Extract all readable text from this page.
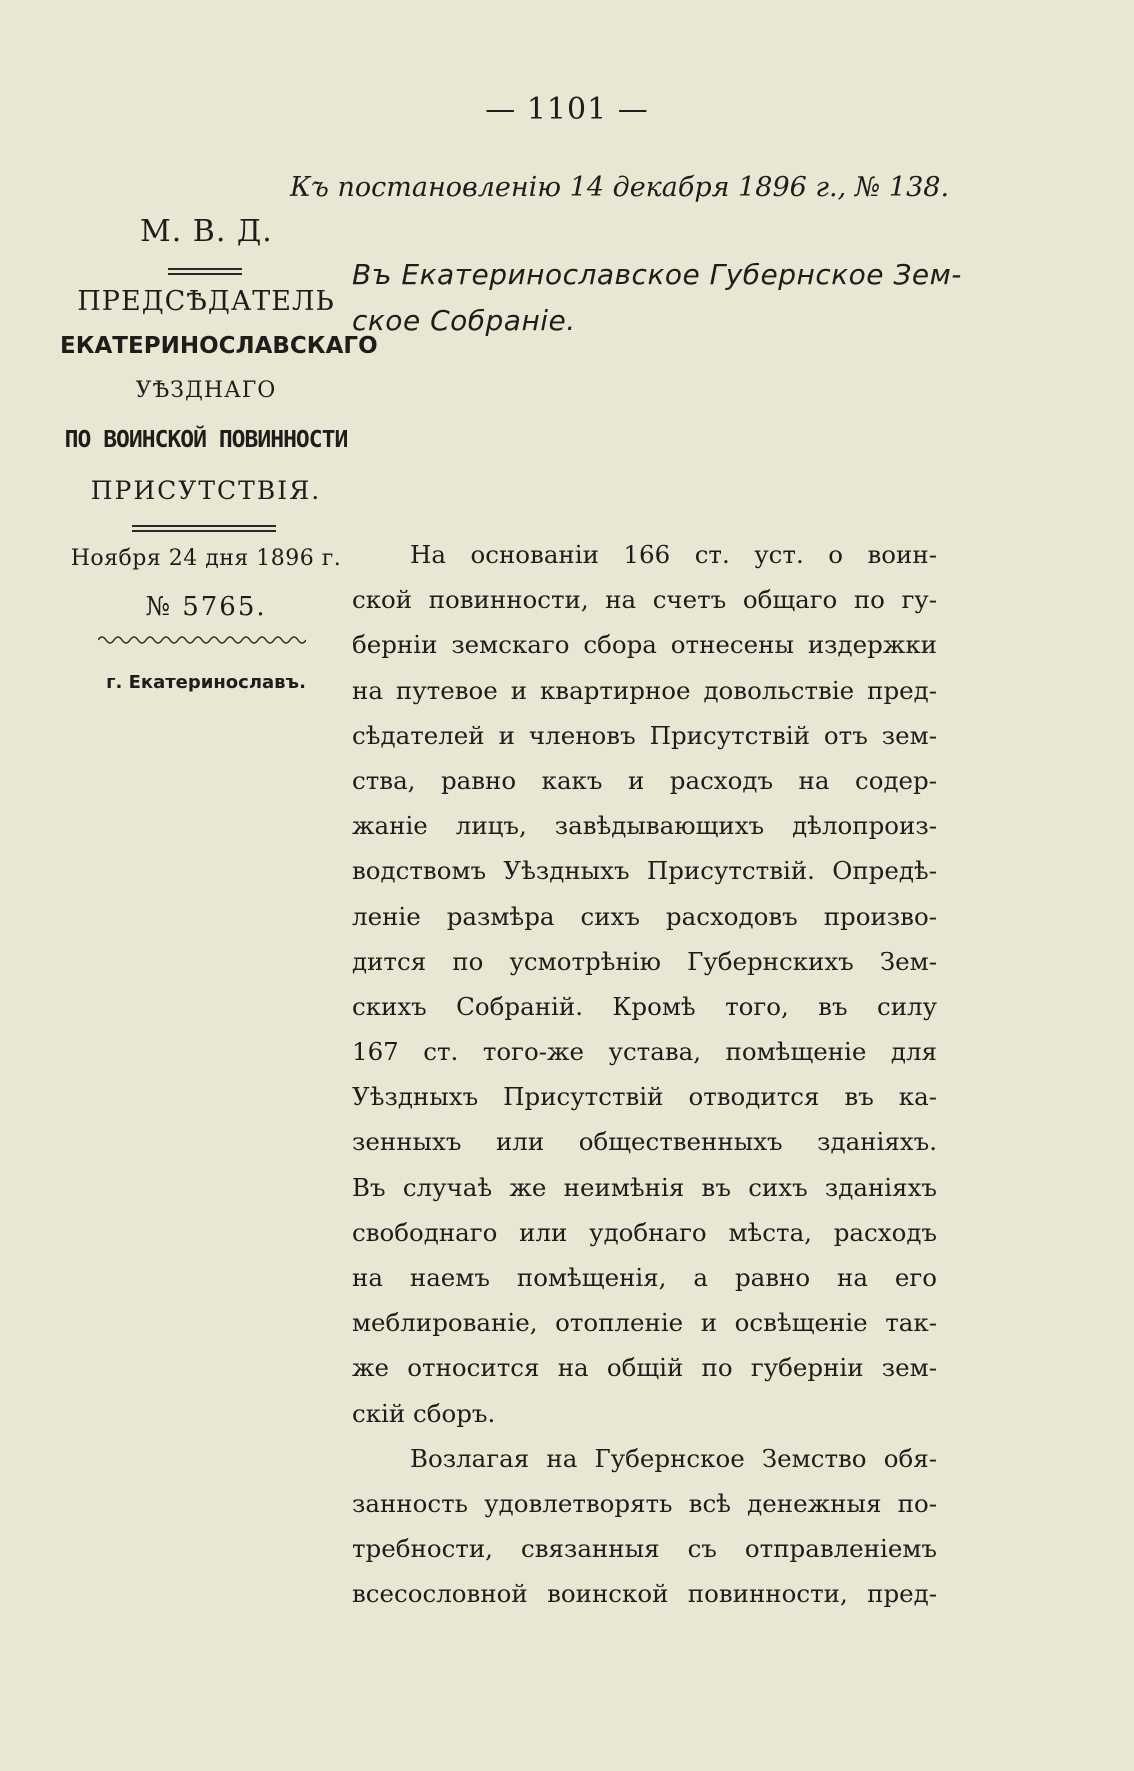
— 1101 —
Къ постановленію 14 декабря 1896 г., № 138.
М. В. Д.
Въ Екатеринославское Губернское Зем-
ское Собраніе.
ПРЕДСѢДАТЕЛЬ
ЕКАТЕРИНОСЛАВСКАГО
УѢЗДНАГО
ПО ВОИНСКОЙ ПОВИННОСТИ
ПРИСУТСТВІЯ.
Ноября 24 дня 1896 г.
№ 5765.
г. Екатеринославъ.

На основаніи 166 ст. уст. о воин-
ской повинности, на счетъ общаго по гу-
берніи земскаго сбора отнесены издержки
на путевое и квартирное довольствіе пред-
сѣдателей и членовъ Присутствій отъ зем-
ства, равно какъ и расходъ на содер-
жаніе лицъ, завѣдывающихъ дѣлопроиз-
водствомъ Уѣздныхъ Присутствій. Опредѣ-
леніе размѣра сихъ расходовъ произво-
дится по усмотрѣнію Губернскихъ Зем-
скихъ Собраній. Кромѣ того, въ силу
167 ст. того-же устава, помѣщеніе для
Уѣздныхъ Присутствій отводится въ ка-
зенныхъ или общественныхъ зданіяхъ.
Въ случаѣ же неимѣнія въ сихъ зданіяхъ
свободнаго или удобнаго мѣста, расходъ
на наемъ помѣщенія, а равно на его
меблированіе, отопленіе и освѣщеніе так-
же относится на общій по губерніи зем-
скій сборъ.

Возлагая на Губернское Земство обя-
занность удовлетворять всѣ денежныя по-
требности, связанныя съ отправленіемъ
всесословной воинской повинности, пред-
